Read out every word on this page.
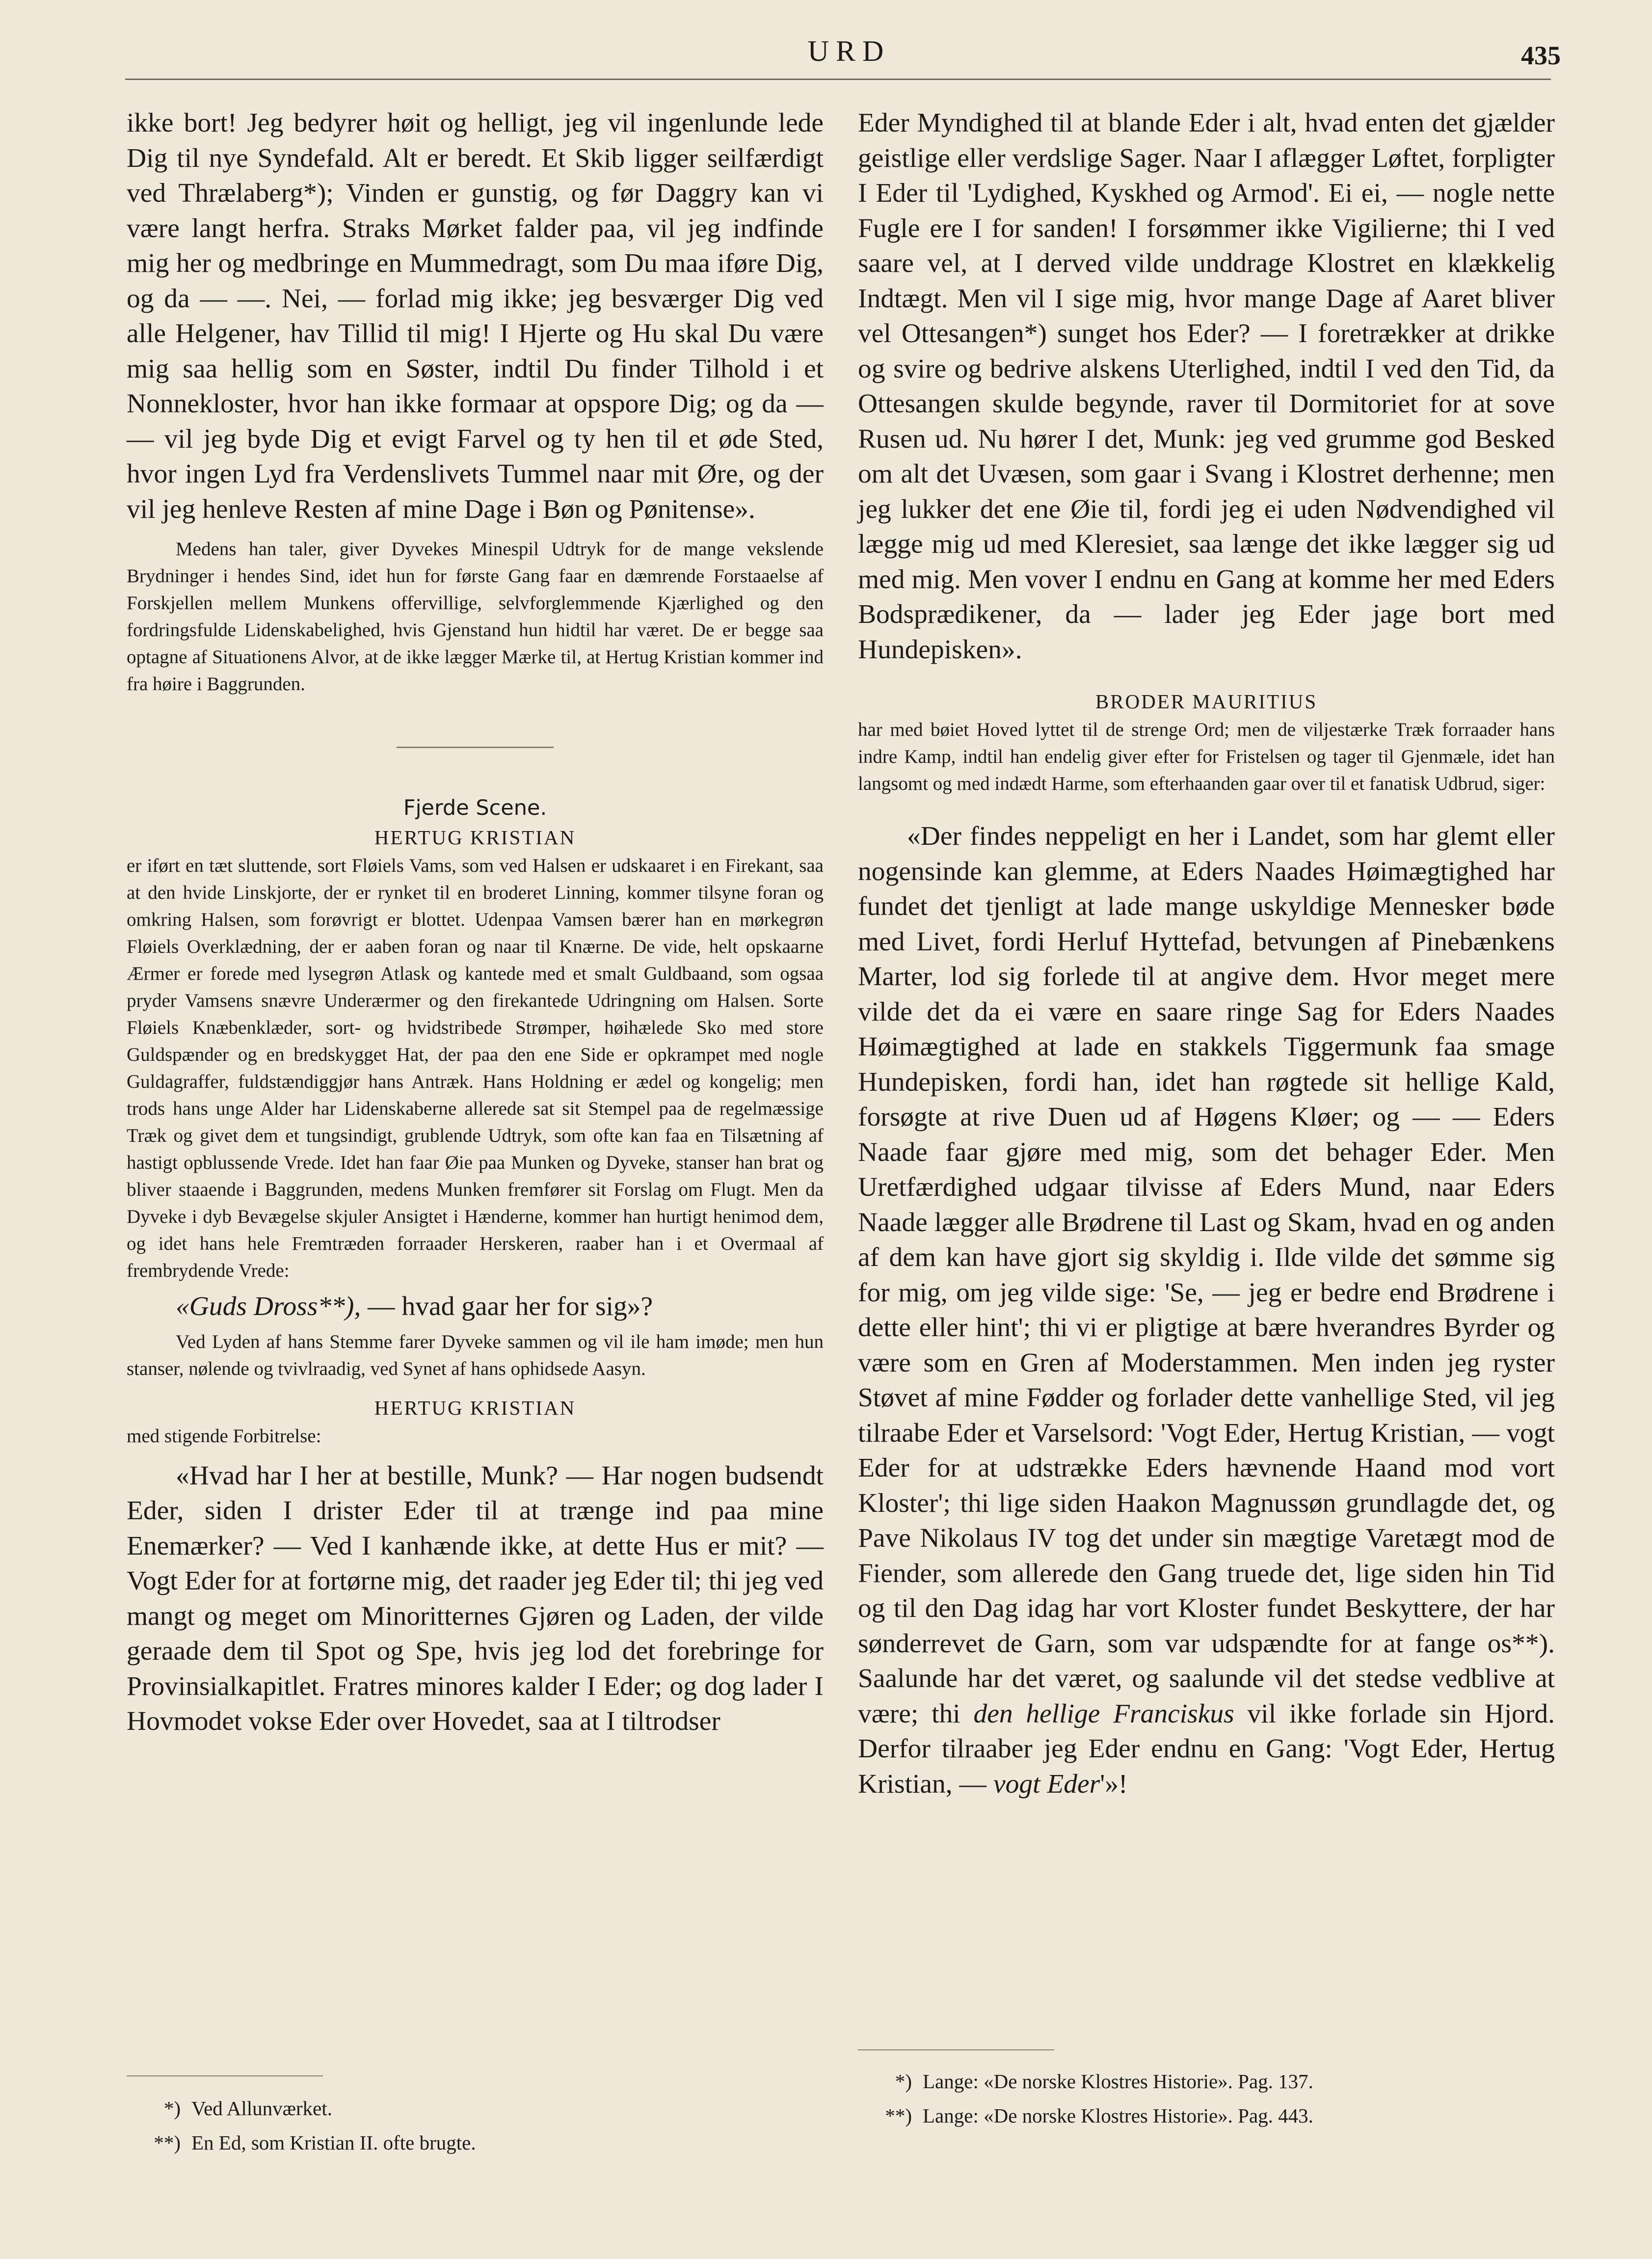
URD	435

ikke bort! Jeg bedyrer høit og helligt, jeg vil ingenlunde lede Dig til nye Syndefald. Alt er beredt. Et Skib ligger seilfærdigt ved Thrælaberg*); Vinden er gunstig, og før Daggry kan vi være langt herfra. Straks Mørket falder paa, vil jeg indfinde mig her og medbringe en Mummedragt, som Du maa iføre Dig, og da — —. Nei, — forlad mig ikke; jeg besværger Dig ved alle Helgener, hav Tillid til mig! I Hjerte og Hu skal Du være mig saa hellig som en Søster, indtil Du finder Tilhold i et Nonnekloster, hvor han ikke formaar at opspore Dig; og da — — vil jeg byde Dig et evigt Farvel og ty hen til et øde Sted, hvor ingen Lyd fra Verdenslivets Tummel naar mit Øre, og der vil jeg henleve Resten af mine Dage i Bøn og Pønitense».

Medens han taler, giver Dyvekes Minespil Udtryk for de mange vekslende Brydninger i hendes Sind, idet hun for første Gang faar en dæmrende Forstaaelse af Forskjellen mellem Munkens offervillige, selvforglemmende Kjærlighed og den fordringsfulde Lidenskabelighed, hvis Gjenstand hun hidtil har været. De er begge saa optagne af Situationens Alvor, at de ikke lægger Mærke til, at Hertug Kristian kommer ind fra høire i Baggrunden.

Fjerde Scene.

HERTUG KRISTIAN

er iført en tæt sluttende, sort Fløiels Vams, som ved Halsen er udskaaret i en Firekant, saa at den hvide Linskjorte, der er rynket til en broderet Linning, kommer tilsyne foran og omkring Halsen, som forøvrigt er blottet. Udenpaa Vamsen bærer han en mørkegrøn Fløiels Overklædning, der er aaben foran og naar til Knærne. De vide, helt opskaarne Ærmer er forede med lysegrøn Atlask og kantede med et smalt Guldbaand, som ogsaa pryder Vamsens snævre Underærmer og den firekantede Udringning om Halsen. Sorte Fløiels Knæbenklæder, sort- og hvidstribede Strømper, høihælede Sko med store Guldspænder og en bredskygget Hat, der paa den ene Side er opkrampet med nogle Guldagraffer, fuldstændiggjør hans Antræk. Hans Holdning er ædel og kongelig; men trods hans unge Alder har Lidenskaberne allerede sat sit Stempel paa de regelmæssige Træk og givet dem et tungsindigt, grublende Udtryk, som ofte kan faa en Tilsætning af hastigt opblussende Vrede. Idet han faar Øie paa Munken og Dyveke, stanser han brat og bliver staaende i Baggrunden, medens Munken fremfører sit Forslag om Flugt. Men da Dyveke i dyb Bevægelse skjuler Ansigtet i Hænderne, kommer han hurtigt henimod dem, og idet hans hele Fremtræden forraader Herskeren, raaber han i et Overmaal af frembrydende Vrede:

«Guds Dross**), — hvad gaar her for sig»?

Ved Lyden af hans Stemme farer Dyveke sammen og vil ile ham imøde; men hun stanser, nølende og tvivlraadig, ved Synet af hans ophidsede Aasyn.

HERTUG KRISTIAN

med stigende Forbitrelse:

«Hvad har I her at bestille, Munk? — Har nogen budsendt Eder, siden I drister Eder til at trænge ind paa mine Enemærker? — Ved I kanhænde ikke, at dette Hus er mit? — Vogt Eder for at fortørne mig, det raader jeg Eder til; thi jeg ved mangt og meget om Minoritternes Gjøren og Laden, der vilde geraade dem til Spot og Spe, hvis jeg lod det forebringe for Provinsialkapitlet. Fratres minores kalder I Eder; og dog lader I Hovmodet vokse Eder over Hovedet, saa at I tiltrodser

Eder Myndighed til at blande Eder i alt, hvad enten det gjælder geistlige eller verdslige Sager. Naar I aflægger Løftet, forpligter I Eder til 'Lydighed, Kyskhed og Armod'. Ei ei, — nogle nette Fugle ere I for sanden! I forsømmer ikke Vigilierne; thi I ved saare vel, at I derved vilde unddrage Klostret en klækkelig Indtægt. Men vil I sige mig, hvor mange Dage af Aaret bliver vel Ottesangen*) sunget hos Eder? — I foretrækker at drikke og svire og bedrive alskens Uterlighed, indtil I ved den Tid, da Ottesangen skulde begynde, raver til Dormitoriet for at sove Rusen ud. Nu hører I det, Munk: jeg ved grumme god Besked om alt det Uvæsen, som gaar i Svang i Klostret derhenne; men jeg lukker det ene Øie til, fordi jeg ei uden Nødvendighed vil lægge mig ud med Kleresiet, saa længe det ikke lægger sig ud med mig. Men vover I endnu en Gang at komme her med Eders Bodsprædikener, da — lader jeg Eder jage bort med Hundepisken».

BRODER MAURITIUS

har med bøiet Hoved lyttet til de strenge Ord; men de viljestærke Træk forraader hans indre Kamp, indtil han endelig giver efter for Fristelsen og tager til Gjenmæle, idet han langsomt og med indædt Harme, som efterhaanden gaar over til et fanatisk Udbrud, siger:

«Der findes neppeligt en her i Landet, som har glemt eller nogensinde kan glemme, at Eders Naades Høimægtighed har fundet det tjenligt at lade mange uskyldige Mennesker bøde med Livet, fordi Herluf Hyttefad, betvungen af Pinebænkens Marter, lod sig forlede til at angive dem. Hvor meget mere vilde det da ei være en saare ringe Sag for Eders Naades Høimægtighed at lade en stakkels Tiggermunk faa smage Hundepisken, fordi han, idet han røgtede sit hellige Kald, forsøgte at rive Duen ud af Høgens Kløer; og — — Eders Naade faar gjøre med mig, som det behager Eder. Men Uretfærdighed udgaar tilvisse af Eders Mund, naar Eders Naade lægger alle Brødrene til Last og Skam, hvad en og anden af dem kan have gjort sig skyldig i. Ilde vilde det sømme sig for mig, om jeg vilde sige: 'Se, — jeg er bedre end Brødrene i dette eller hint'; thi vi er pligtige at bære hverandres Byrder og være som en Gren af Moderstammen. Men inden jeg ryster Støvet af mine Fødder og forlader dette vanhellige Sted, vil jeg tilraabe Eder et Varselsord: 'Vogt Eder, Hertug Kristian, — vogt Eder for at udstrække Eders hævnende Haand mod vort Kloster'; thi lige siden Haakon Magnussøn grundlagde det, og Pave Nikolaus IV tog det under sin mægtige Varetægt mod de Fiender, som allerede den Gang truede det, lige siden hin Tid og til den Dag idag har vort Kloster fundet Beskyttere, der har sønderrevet de Garn, som var udspændte for at fange os**). Saalunde har det været, og saalunde vil det stedse vedblive at være; thi den hellige Franciskus vil ikke forlade sin Hjord. Derfor tilraaber jeg Eder endnu en Gang: 'Vogt Eder, Hertug Kristian, — vogt Eder'»!

*) Ved Allunværket.

**) En Ed, som Kristian II. ofte brugte.

*) Lange: «De norske Klostres Historie». Pag. 137.

**) Lange: «De norske Klostres Historie». Pag. 443.
